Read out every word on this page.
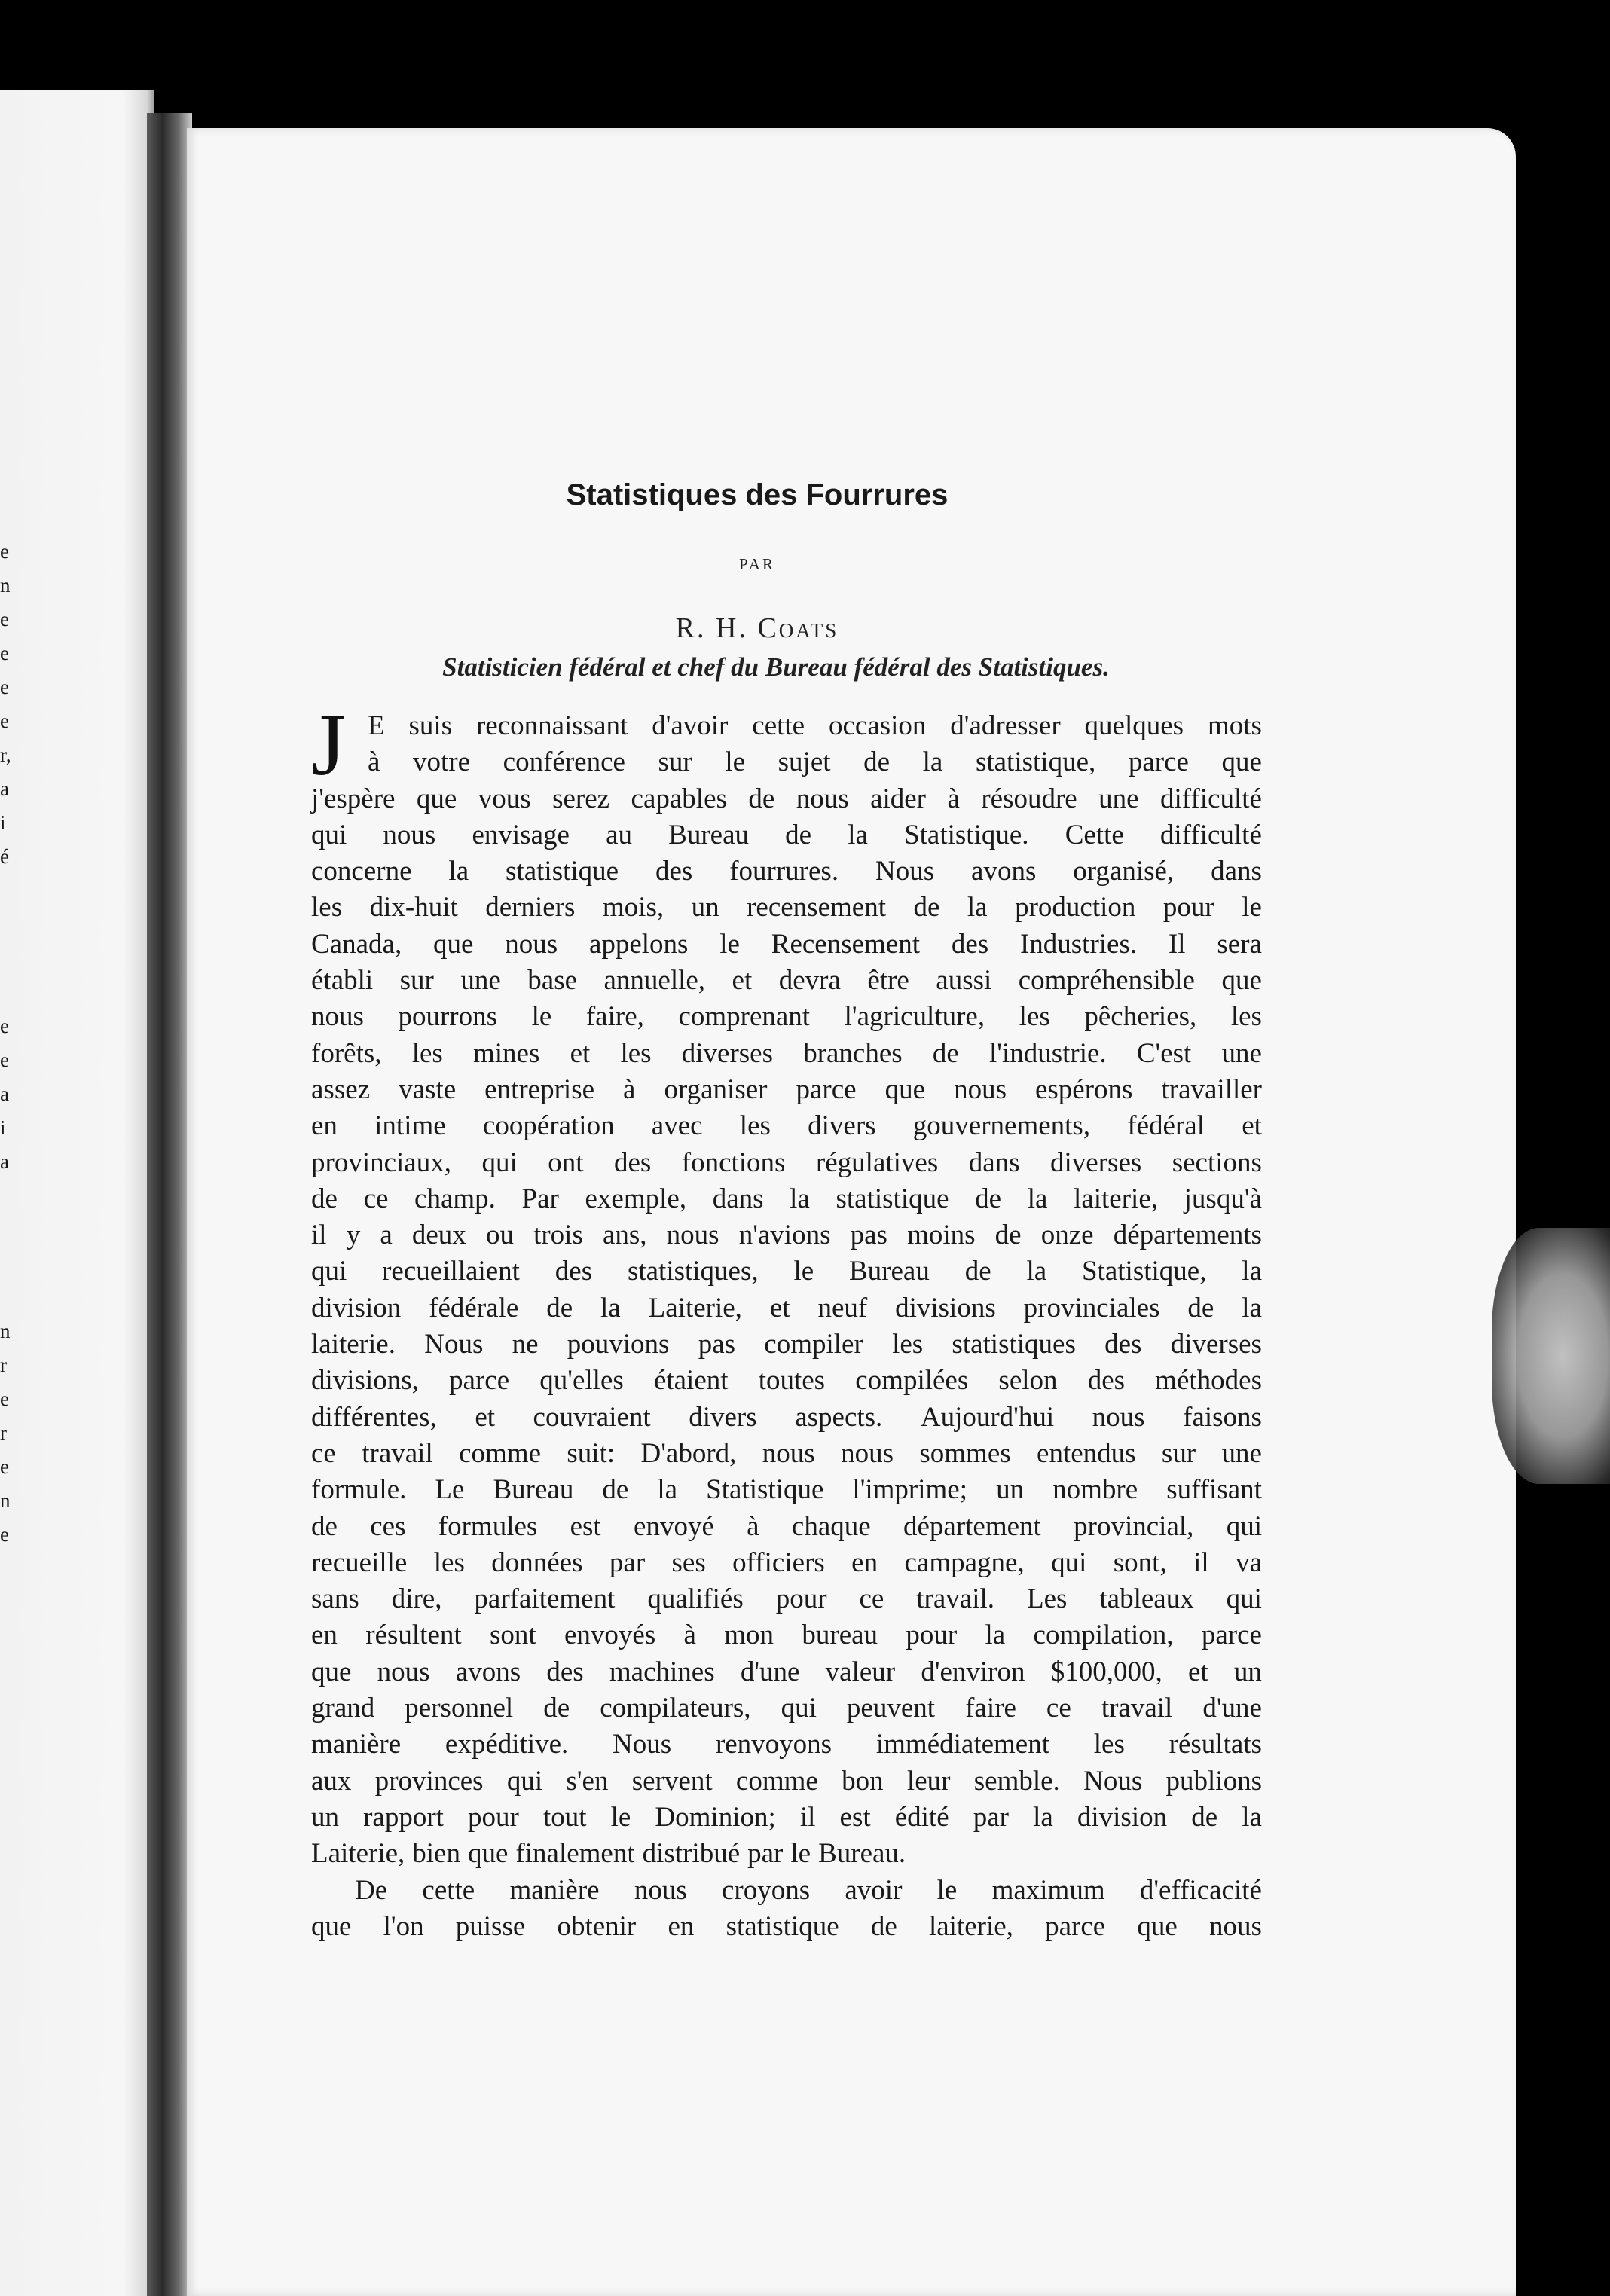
e
n
e
e
e
e
r,
a
i
é
e
e
a
i
a
n
r
e
r
e
n
e
Statistiques des Fourrures
PAR
R. H. Coats
Statisticien fédéral et chef du Bureau fédéral des Statistiques.
J E suis reconnaissant d'avoir cette occasion d'adresser quelques mots
à votre conférence sur le sujet de la statistique, parce que
j'espère que vous serez capables de nous aider à résoudre une difficulté
qui nous envisage au Bureau de la Statistique. Cette difficulté
concerne la statistique des fourrures. Nous avons organisé, dans
les dix-huit derniers mois, un recensement de la production pour le
Canada, que nous appelons le Recensement des Industries. Il sera
établi sur une base annuelle, et devra être aussi compréhensible que
nous pourrons le faire, comprenant l'agriculture, les pêcheries, les
forêts, les mines et les diverses branches de l'industrie. C'est une
assez vaste entreprise à organiser parce que nous espérons travailler
en intime coopération avec les divers gouvernements, fédéral et
provinciaux, qui ont des fonctions régulatives dans diverses sections
de ce champ. Par exemple, dans la statistique de la laiterie, jusqu'à
il y a deux ou trois ans, nous n'avions pas moins de onze départements
qui recueillaient des statistiques, le Bureau de la Statistique, la
division fédérale de la Laiterie, et neuf divisions provinciales de la
laiterie. Nous ne pouvions pas compiler les statistiques des diverses
divisions, parce qu'elles étaient toutes compilées selon des méthodes
différentes, et couvraient divers aspects. Aujourd'hui nous faisons
ce travail comme suit: D'abord, nous nous sommes entendus sur une
formule. Le Bureau de la Statistique l'imprime; un nombre suffisant
de ces formules est envoyé à chaque département provincial, qui
recueille les données par ses officiers en campagne, qui sont, il va
sans dire, parfaitement qualifiés pour ce travail. Les tableaux qui
en résultent sont envoyés à mon bureau pour la compilation, parce
que nous avons des machines d'une valeur d'environ $100,000, et un
grand personnel de compilateurs, qui peuvent faire ce travail d'une
manière expéditive. Nous renvoyons immédiatement les résultats
aux provinces qui s'en servent comme bon leur semble. Nous publions
un rapport pour tout le Dominion; il est édité par la division de la
Laiterie, bien que finalement distribué par le Bureau.
De cette manière nous croyons avoir le maximum d'efficacité
que l'on puisse obtenir en statistique de laiterie, parce que nous
